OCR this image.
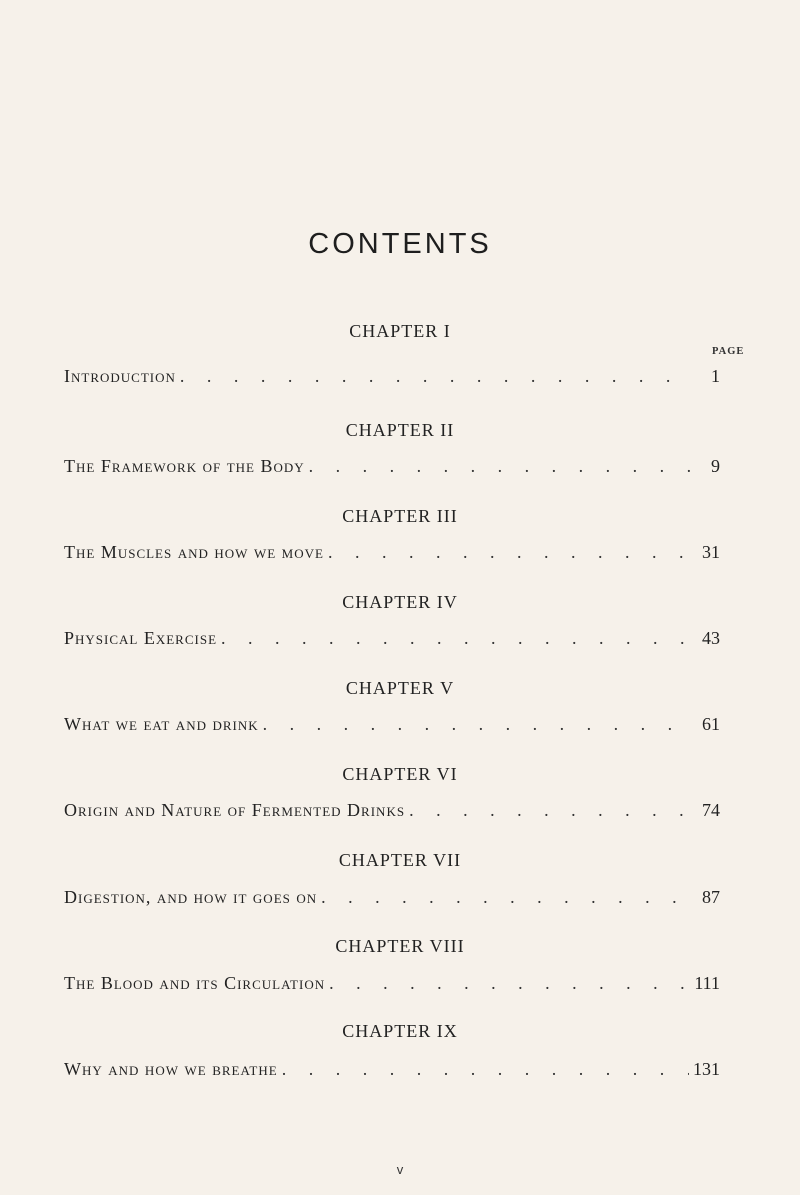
CONTENTS
PAGE
CHAPTER I
Introduction . . .	1
CHAPTER II
The Framework of the Body . . .	9
CHAPTER III
The Muscles and how we move . . .	31
CHAPTER IV
Physical Exercise . . .	43
CHAPTER V
What we eat and drink . . .	61
CHAPTER VI
Origin and Nature of Fermented Drinks . . .	74
CHAPTER VII
Digestion, and how it goes on . . .	87
CHAPTER VIII
The Blood and its Circulation . . .	111
CHAPTER IX
Why and how we breathe . . .	131
v
